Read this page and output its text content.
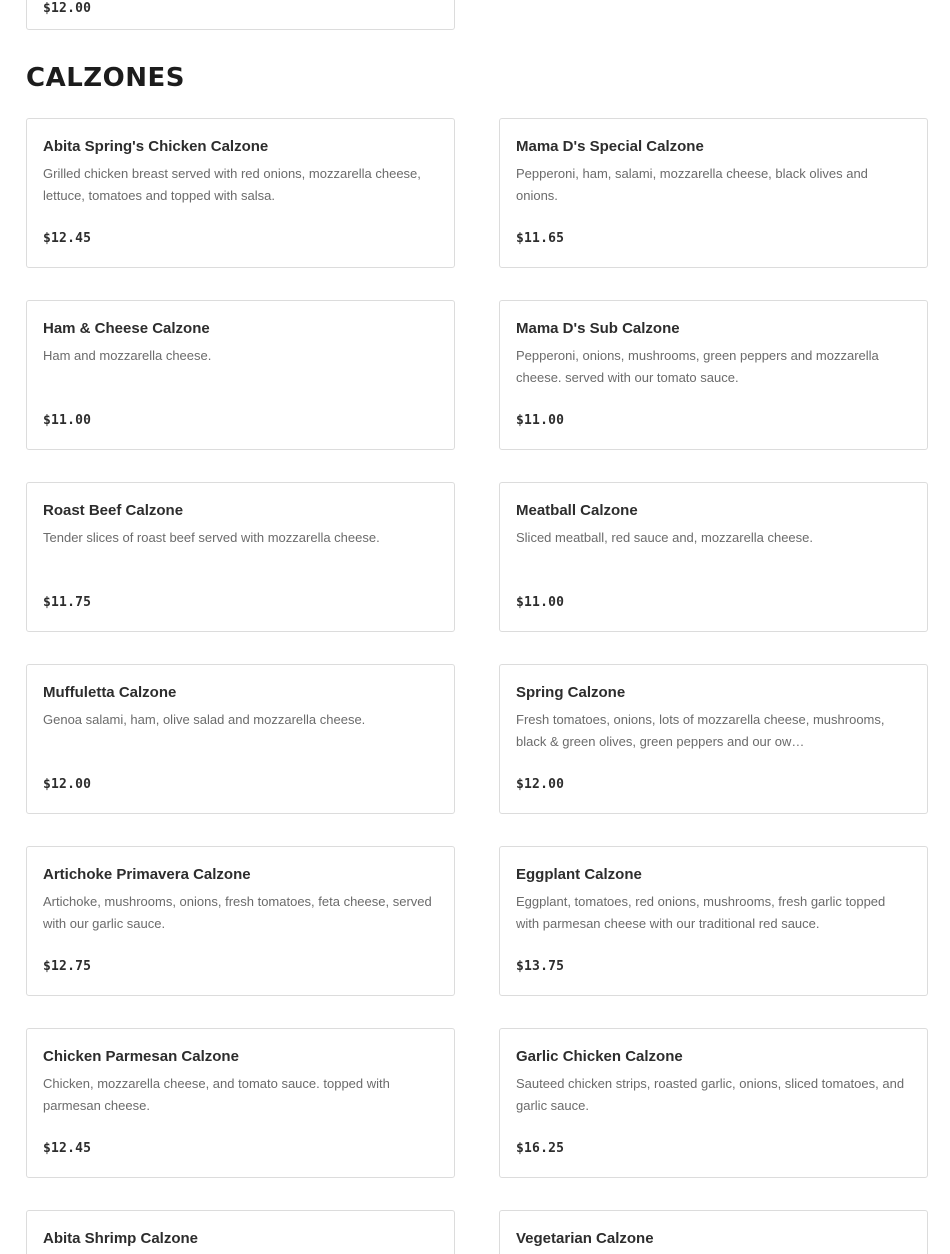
$12.00
CALZONES
Abita Spring's Chicken Calzone

Grilled chicken breast served with red onions, mozzarella cheese, lettuce, tomatoes and topped with salsa.

$12.45
Mama D's Special Calzone

Pepperoni, ham, salami, mozzarella cheese, black olives and onions.

$11.65
Ham & Cheese Calzone

Ham and mozzarella cheese.

$11.00
Mama D's Sub Calzone

Pepperoni, onions, mushrooms, green peppers and mozzarella cheese. served with our tomato sauce.

$11.00
Roast Beef Calzone

Tender slices of roast beef served with mozzarella cheese.

$11.75
Meatball Calzone

Sliced meatball, red sauce and, mozzarella cheese.

$11.00
Muffuletta Calzone

Genoa salami, ham, olive salad and mozzarella cheese.

$12.00
Spring Calzone

Fresh tomatoes, onions, lots of mozzarella cheese, mushrooms, black & green olives, green peppers and our ow…

$12.00
Artichoke Primavera Calzone

Artichoke, mushrooms, onions, fresh tomatoes, feta cheese, served with our garlic sauce.

$12.75
Eggplant Calzone

Eggplant, tomatoes, red onions, mushrooms, fresh garlic topped with parmesan cheese with our traditional red sauce.

$13.75
Chicken Parmesan Calzone

Chicken, mozzarella cheese, and tomato sauce. topped with parmesan cheese.

$12.45
Garlic Chicken Calzone

Sauteed chicken strips, roasted garlic, onions, sliced tomatoes, and garlic sauce.

$16.25
Abita Shrimp Calzone	Vegetarian Calzone
